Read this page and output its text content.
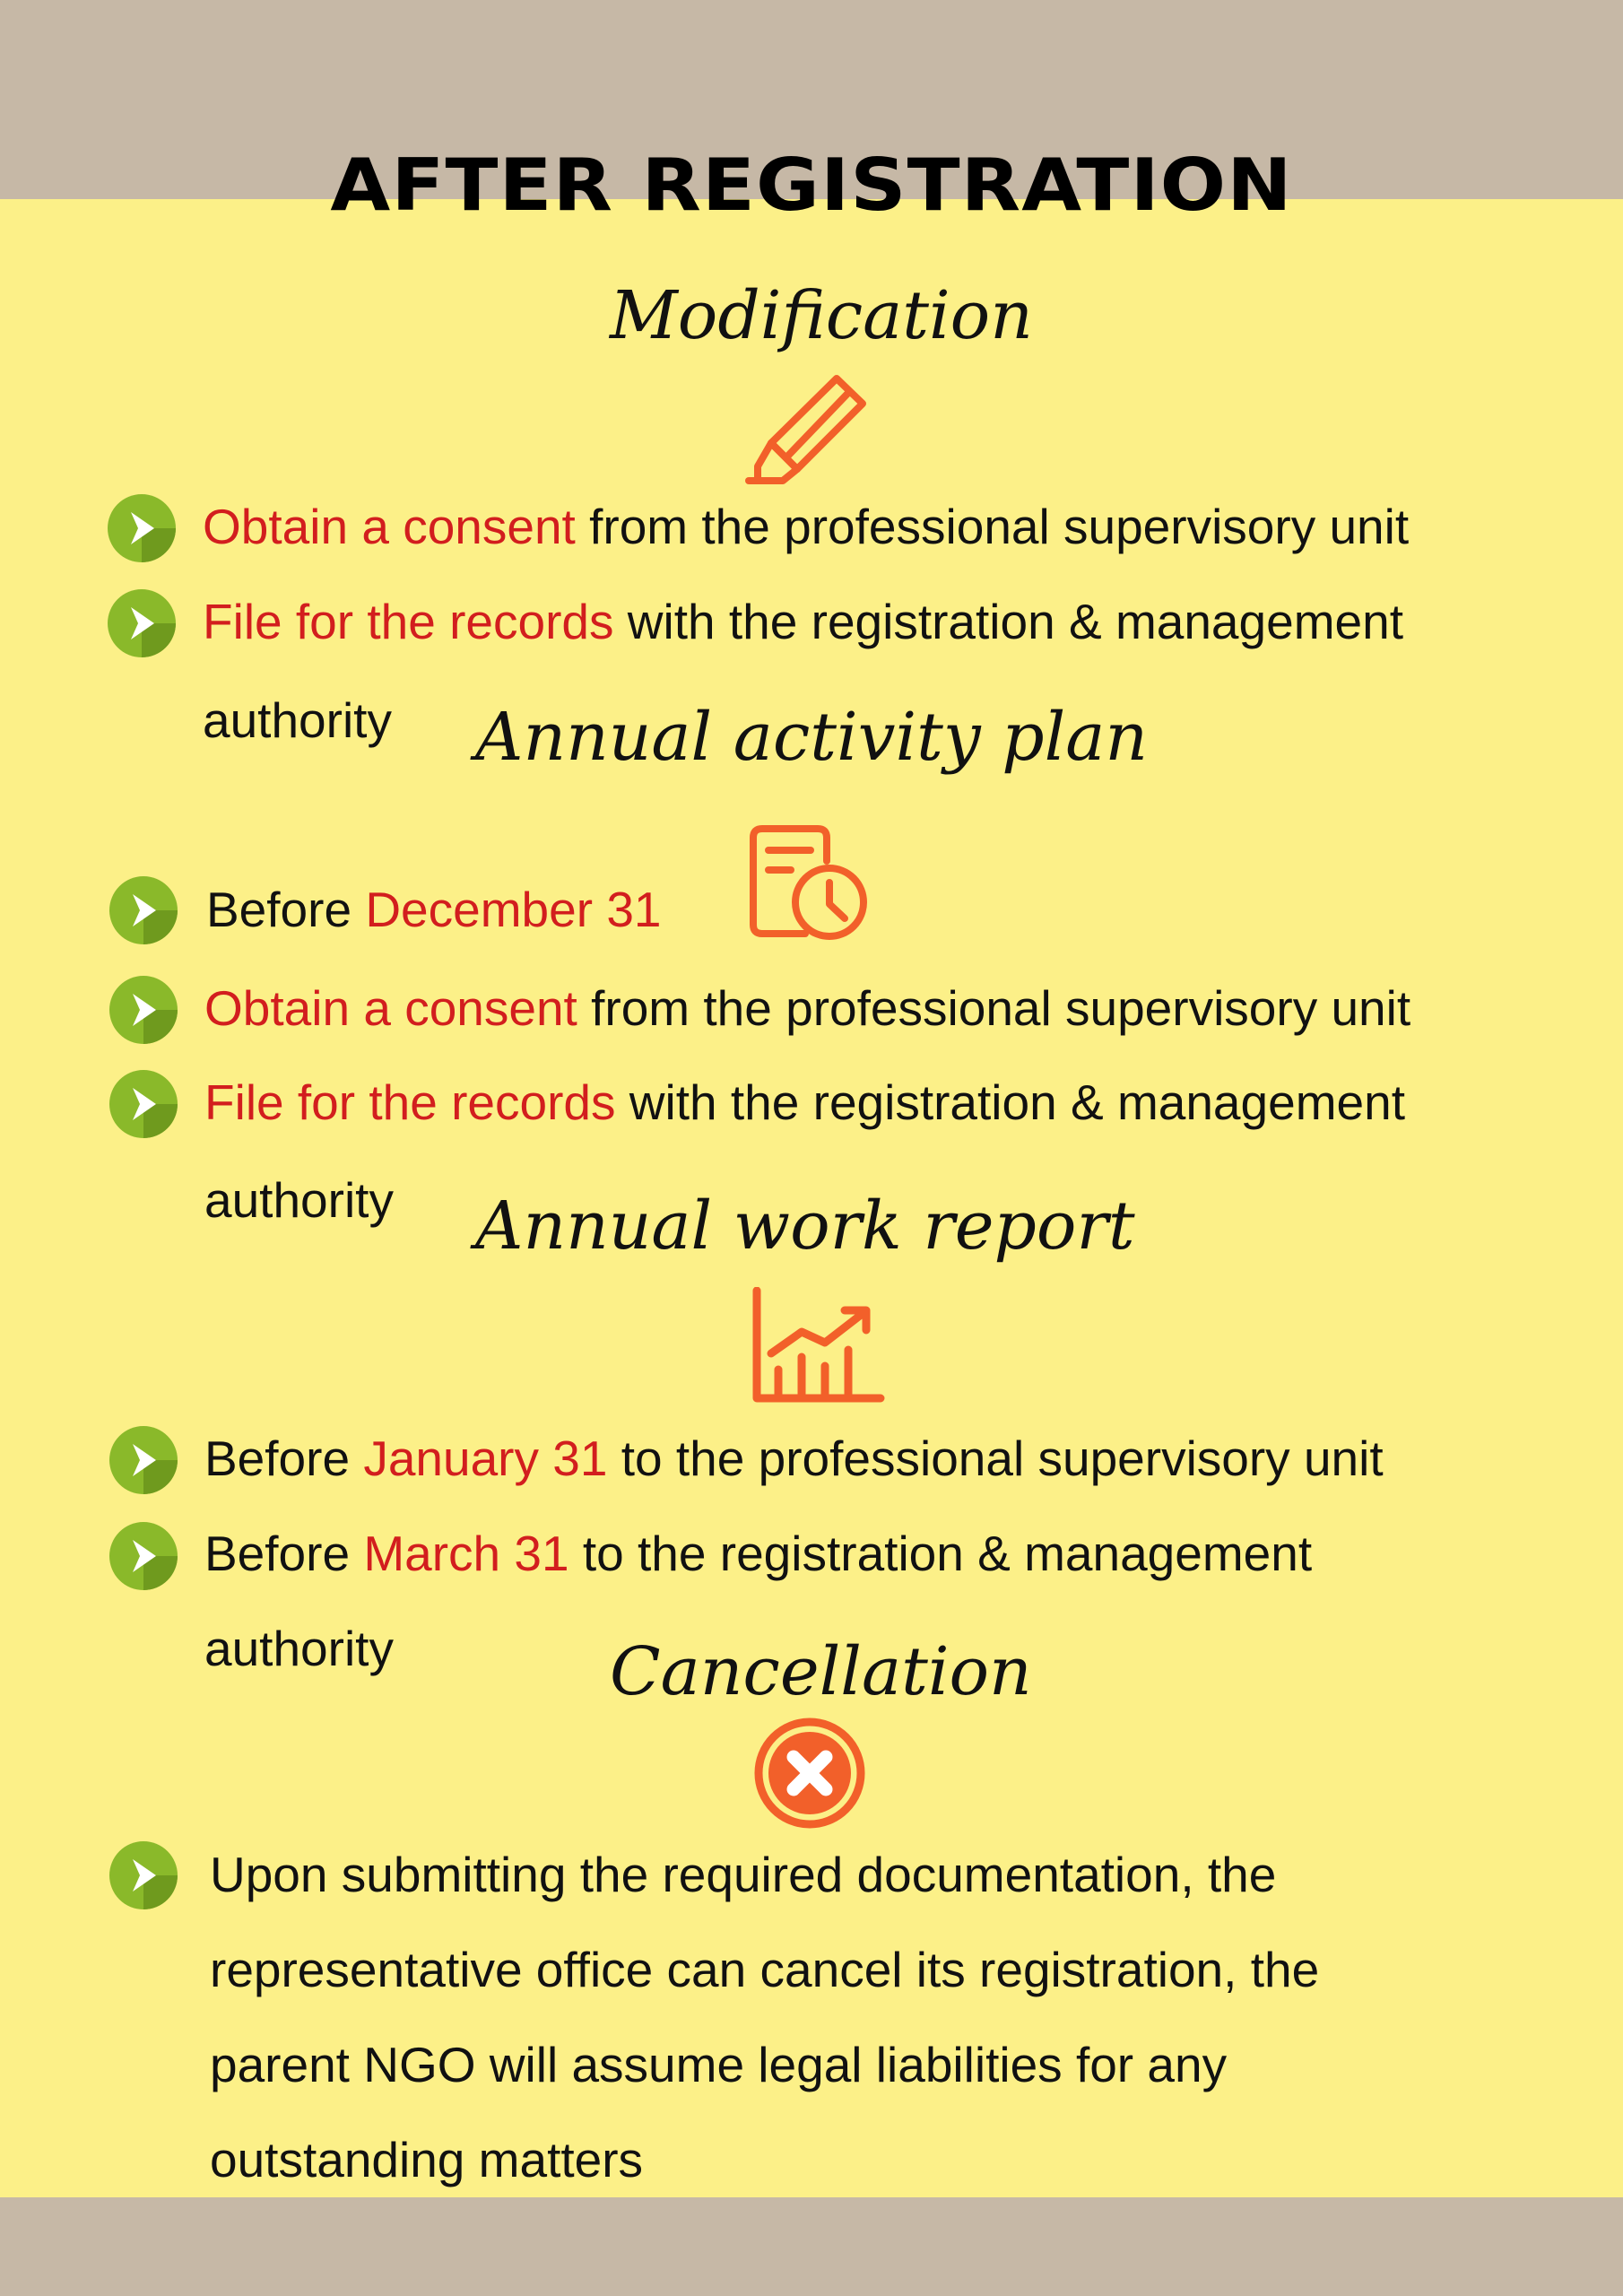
AFTER REGISTRATION
Modification
Obtain a consent from the professional supervisory unit
File for the records with the registration & management
authority Annual activity plan
Before December 31
Obtain a consent from the professional supervisory unit
File for the records with the registration & management
authority Annual work report
Before January 31 to the professional supervisory unit
Before March 31 to the registration & management
authority	Cancellation
Upon submitting the required documentation, the
representative office can cancel its registration, the
parent NGO will assume legal liabilities for any
outstanding matters
